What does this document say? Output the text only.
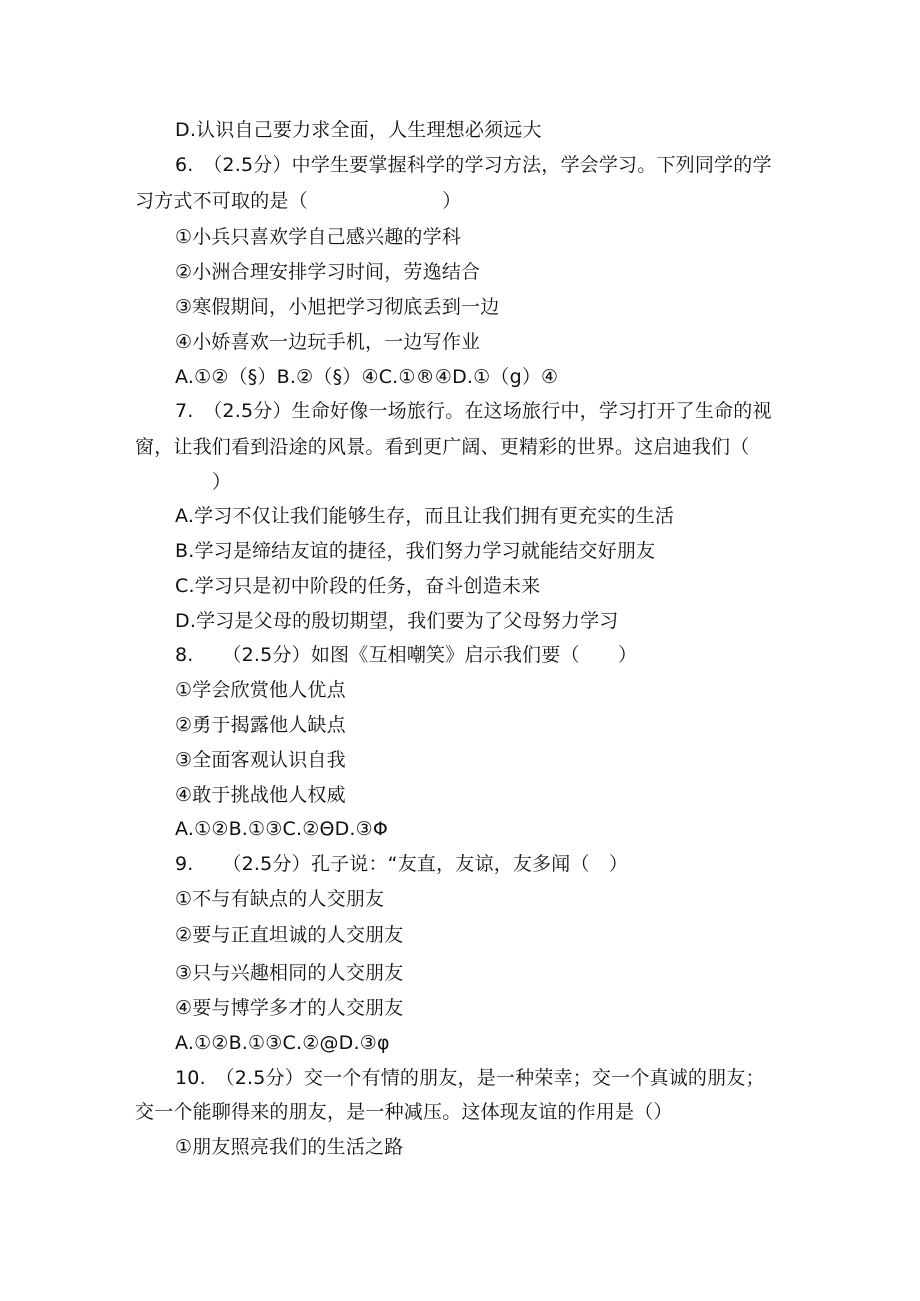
D.认识自己要力求全面，人生理想必须远大
6.　（2.5分）中学生要掌握科学的学习方法，学会学习。下列同学的学
习方式不可取的是（　　　　　　　）
①小兵只喜欢学自己感兴趣的学科
②小洲合理安排学习时间，劳逸结合
③寒假期间，小旭把学习彻底丢到一边
④小娇喜欢一边玩手机，一边写作业
A.①②（§）B.②（§）④C.①®④D.①（g）④
7.　（2.5分）生命好像一场旅行。在这场旅行中，学习打开了生命的视
窗，让我们看到沿途的风景。看到更广阔、更精彩的世界。这启迪我们（
）
A.学习不仅让我们能够生存，而且让我们拥有更充实的生活
B.学习是缔结友谊的捷径，我们努力学习就能结交好朋友
C.学习只是初中阶段的任务，奋斗创造未来
D.学习是父母的殷切期望，我们要为了父母努力学习
8.　　（2.5分）如图《互相嘲笑》启示我们要（　　）
①学会欣赏他人优点
②勇于揭露他人缺点
③全面客观认识自我
④敢于挑战他人权威
A.①②B.①③C.②ΘD.③Φ
9.　　（2.5分）孔子说：“友直，友谅，友多闻（　）
①不与有缺点的人交朋友
②要与正直坦诚的人交朋友
③只与兴趣相同的人交朋友
④要与博学多才的人交朋友
A.①②B.①③C.②@D.③φ
10.　（2.5分）交一个有情的朋友，是一种荣幸；交一个真诚的朋友；
交一个能聊得来的朋友，是一种减压。这体现友谊的作用是（）
①朋友照亮我们的生活之路
